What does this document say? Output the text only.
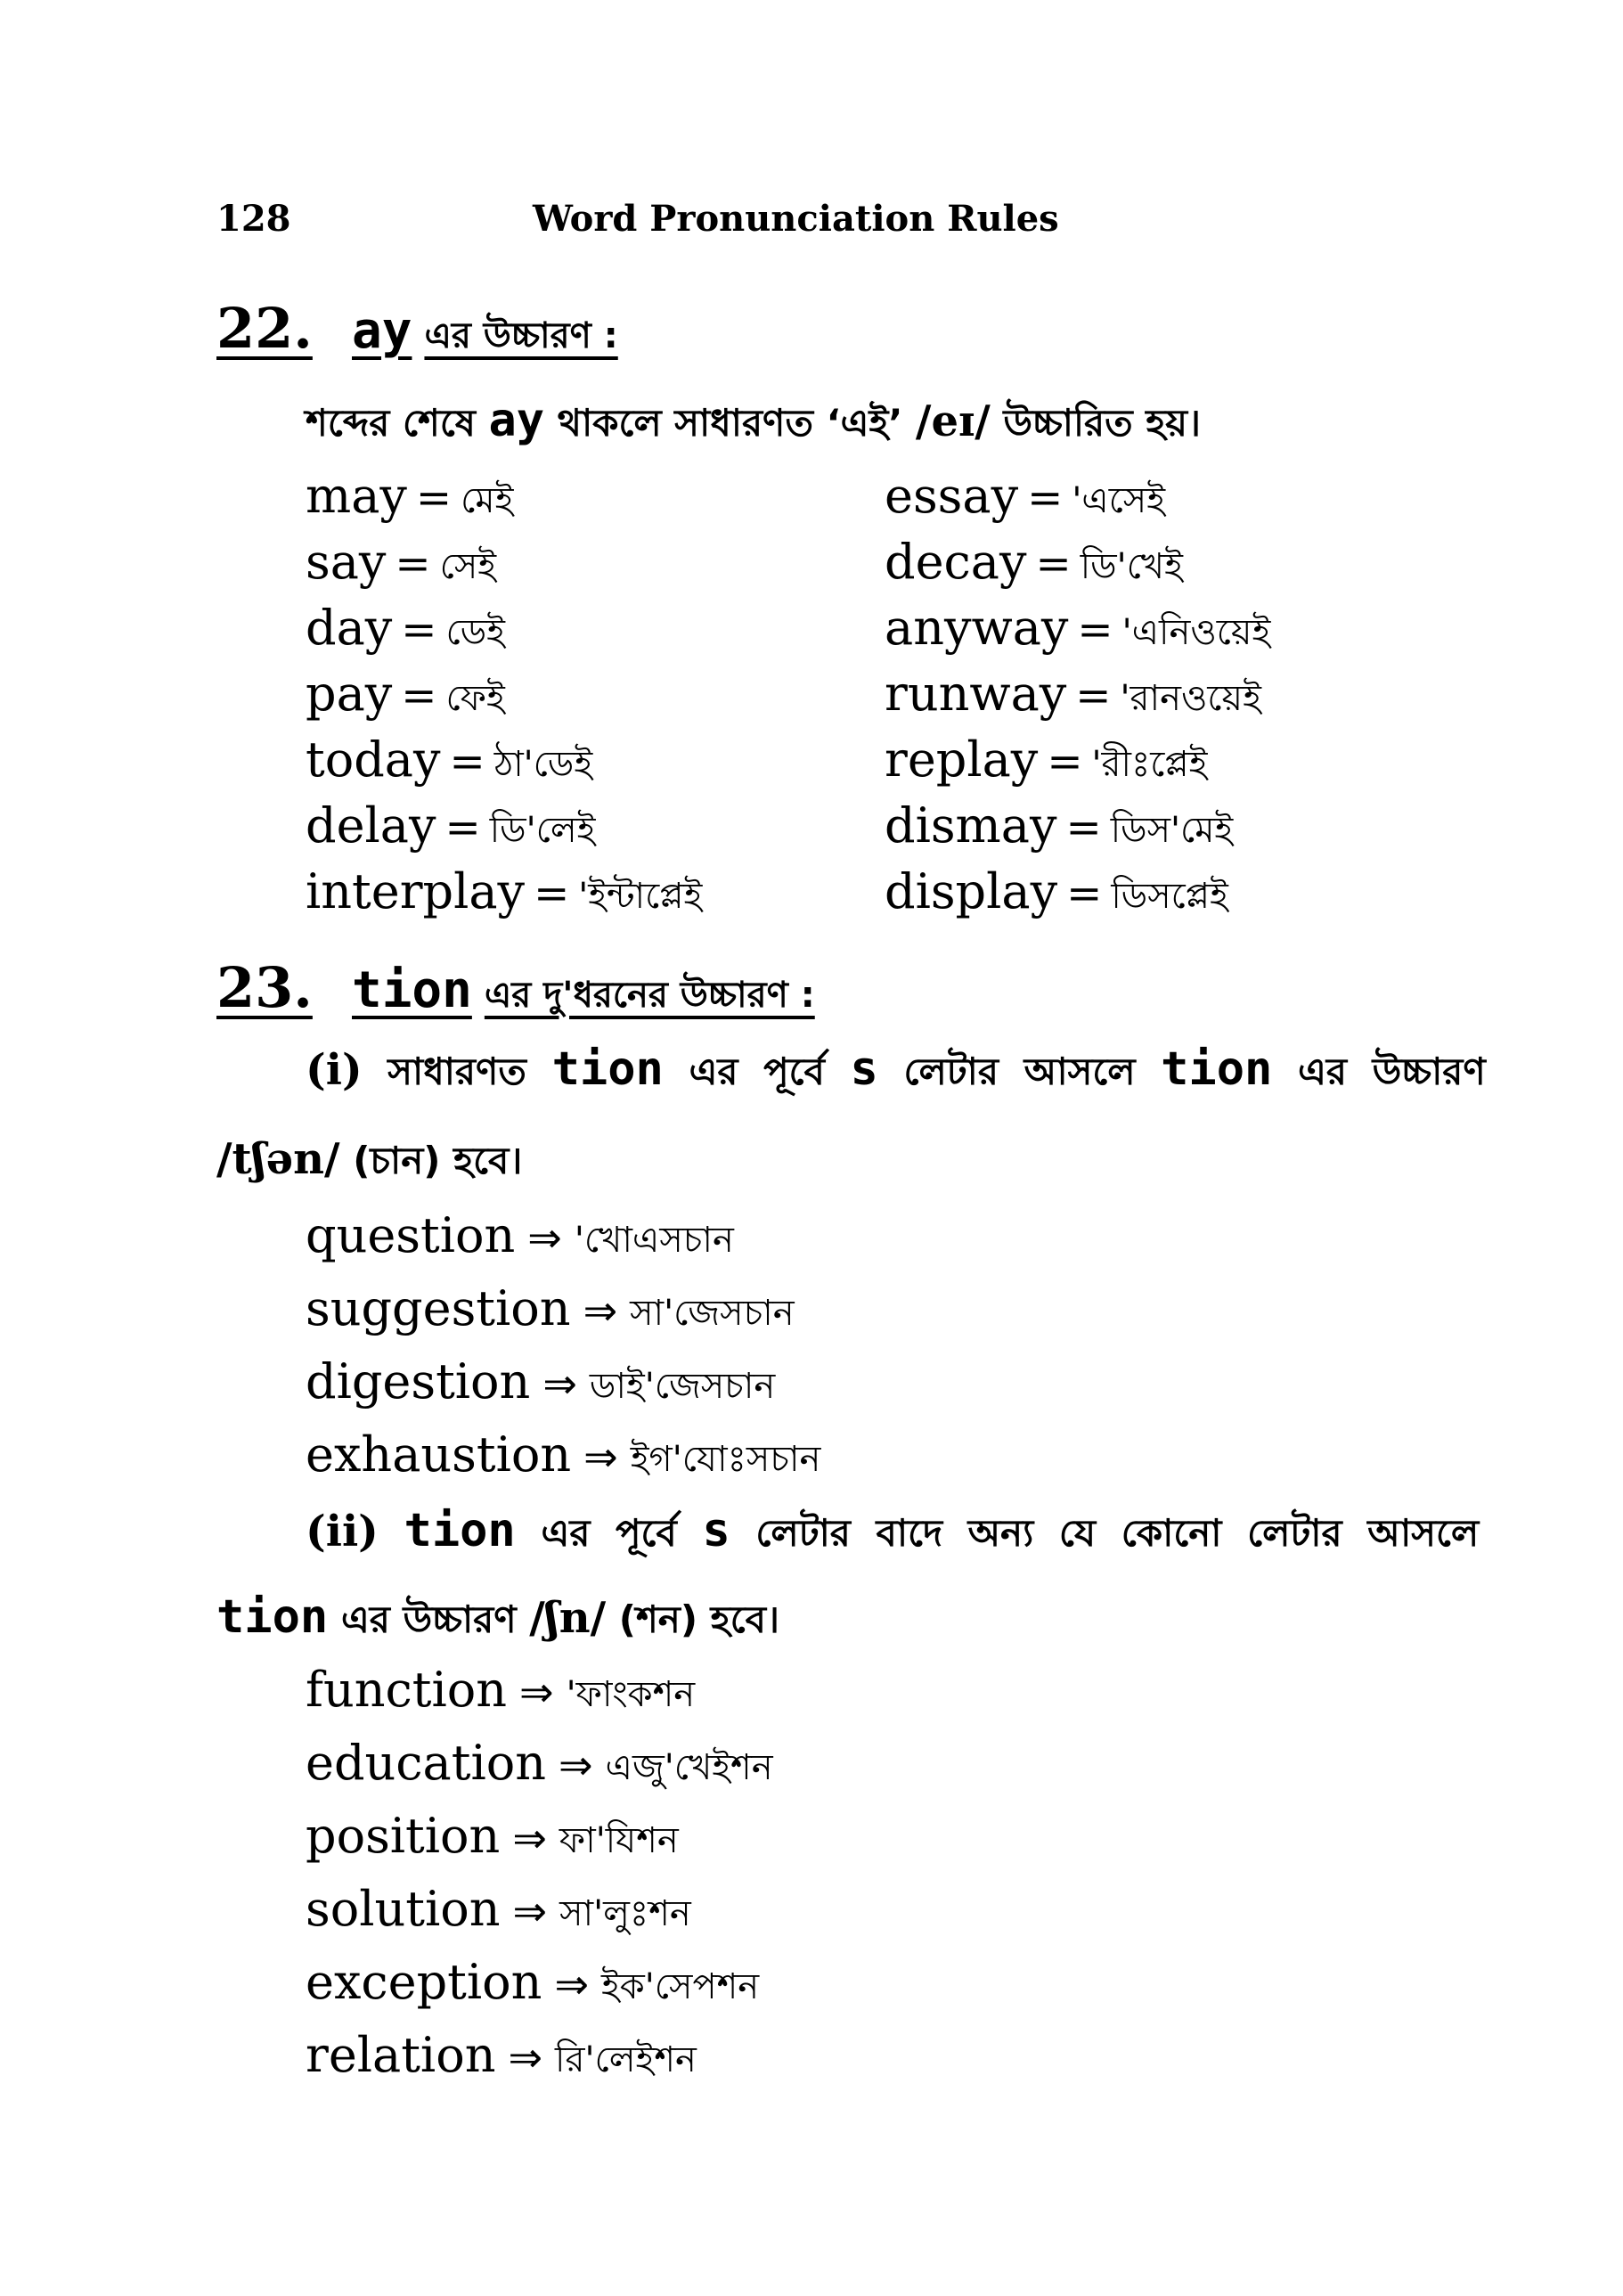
128	Word Pronunciation Rules
22. ay এর উচ্চারণ :
শব্দের শেষে ay থাকলে সাধারণত ‘এই’ /eɪ/ উচ্চারিত হয়।
may = মেই	essay = 'এসেই
say = সেই	decay = ডি'খেই
day = ডেই	anyway = 'এনিওয়েই
pay = ফেই	runway = 'রানওয়েই
today = ঠা'ডেই	replay = 'রীঃপ্লেই
delay = ডি'লেই	dismay = ডিস'মেই
interplay = 'ইন্টাপ্লেই	display = ডিসপ্লেই
23. tion এর দু'ধরনের উচ্চারণ :
(i) সাধারণত tion এর পূর্বে s লেটার আসলে tion এর উচ্চারণ
/tʃən/ (চান) হবে।
question ⇒ 'খোএসচান
suggestion ⇒ সা'জেসচান
digestion ⇒ ডাই'জেসচান
exhaustion ⇒ ইগ'যোঃসচান
(ii) tion এর পূর্বে s লেটার বাদে অন্য যে কোনো লেটার আসলে
tion এর উচ্চারণ /ʃn/ (শন) হবে।
function ⇒ 'ফাংকশন
education ⇒ এজু'খেইশন
position ⇒ ফা'যিশন
solution ⇒ সা'লুঃশন
exception ⇒ ইক'সেপশন
relation ⇒ রি'লেইশন
